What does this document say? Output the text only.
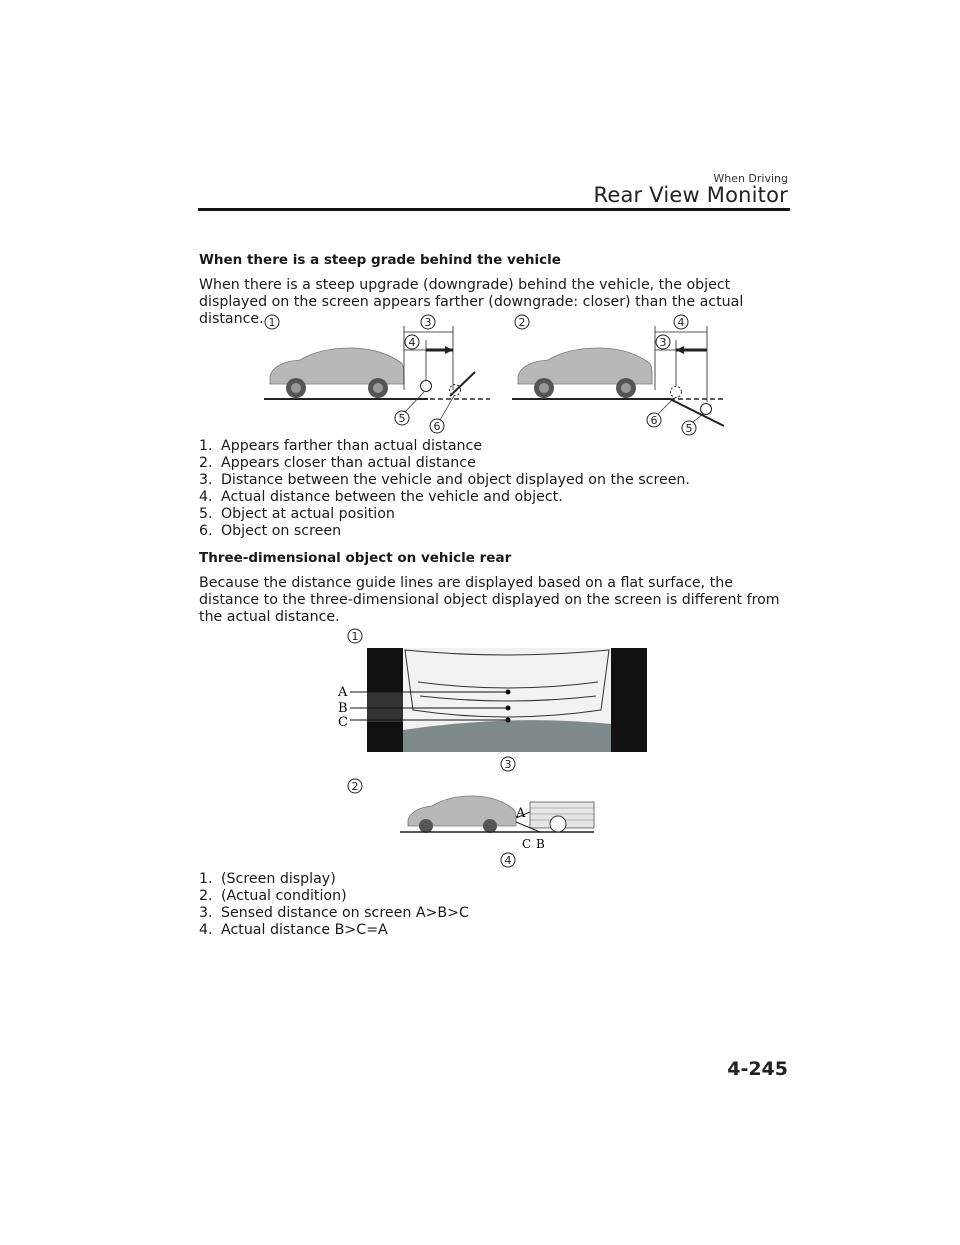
When Driving
Rear View Monitor
When there is a steep grade behind the vehicle
When there is a steep upgrade (downgrade) behind the vehicle, the object displayed on the screen appears farther (downgrade: closer) than the actual distance. 1	3
4
5
6
2	4
3
6
5
1. Appears farther than actual distance
2. Appears closer than actual distance
3. Distance between the vehicle and object displayed on the screen.
4. Actual distance between the vehicle and object.
5. Object at actual position
6. Object on screen
Three-dimensional object on vehicle rear
Because the distance guide lines are displayed based on a flat surface, the distance to the three-dimensional object displayed on the screen is different from the actual distance.
1
A
B
C
3
2
A
C B
4
1. (Screen display)
2. (Actual condition)
3. Sensed distance on screen A>B>C
4. Actual distance B>C=A
4-245
